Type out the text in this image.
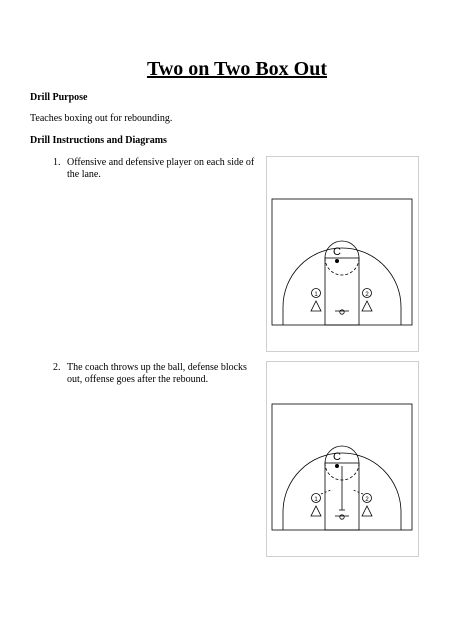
Two on Two Box Out
Drill Purpose
Teaches boxing out for rebounding.
Drill Instructions and Diagrams
1. Offensive and defensive player on each side of
the lane.
C
1	2
2. The coach throws up the ball, defense blocks
out, offense goes after the rebound.
C
1	2
